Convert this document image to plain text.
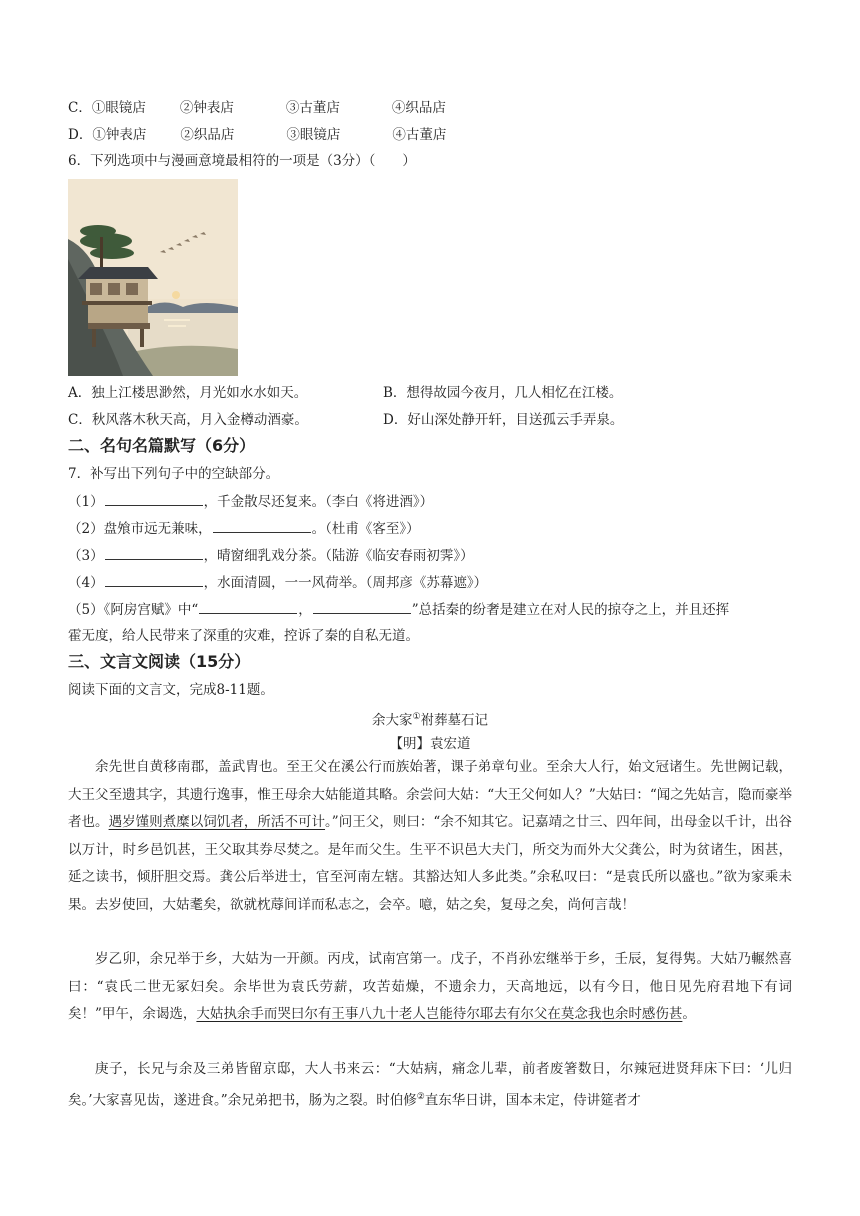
C．①眼镜店	②钟表店	③古董店	④织品店
D．①钟表店	②织品店	③眼镜店	④古董店
6．下列选项中与漫画意境最相符的一项是（3分）（　　）
A．独上江楼思渺然，月光如水水如天。	B．想得故园今夜月，几人相忆在江楼。
C．秋风落木秋天高，月入金樽动酒豪。	D．好山深处静开轩，目送孤云手弄泉。
二、名句名篇默写（6分）
7．补写出下列句子中的空缺部分。
（1）	，千金散尽还复来。（李白《将进酒》）
（2）盘飧市远无兼味，	。（杜甫《客至》）
（3）	，晴窗细乳戏分茶。（陆游《临安春雨初霁》）
（4）	，水面清圆，一一风荷举。（周邦彦《苏幕遮》）
（5）《阿房宫赋》中“	，	”总括秦的纷奢是建立在对人民的掠夺之上，并且还挥
霍无度，给人民带来了深重的灾难，控诉了秦的自私无道。
三、文言文阅读（15分）
阅读下面的文言文，完成8-11题。
余大家①祔葬墓石记
【明】袁宏道
余先世自黄移南郡，盖武胄也。至王父在溪公行而族始著，课子弟章句业。至余大人行，始文冠诸生。先世阙记载，大王父至遗其字，其遗行逸事，惟王母余大姑能道其略。余尝问大姑：“大王父何如人？”大姑曰：“闻之先姑言，隐而豪举者也。遇岁馑则煮糜以饲饥者，所活不可计。”问王父，则曰：“余不知其它。记嘉靖之廿三、四年间，出母金以千计，出谷以万计，时乡邑饥甚，王父取其券尽焚之。是年而父生。生平不识邑大夫门，所交为而外大父龚公，时为贫诸生，困甚，延之读书，倾肝胆交焉。龚公后举进士，官至河南左辖。其豁达知人多此类。”余私叹曰：“是袁氏所以盛也。”欲为家乘未果。去岁使回，大姑耄矣，欲就枕蓐间详而私志之，会卒。噫，姑之矣，复母之矣，尚何言哉！
岁乙卯，余兄举于乡，大姑为一开颜。丙戌，试南宫第一。戊子，不肖孙宏继举于乡，壬辰，复得隽。大姑乃輾然喜曰：“袁氏二世无冢妇矣。余毕世为袁氏劳薪，攻苦茹燥，不遗余力，天高地远，以有今日，他日见先府君地下有词矣！”甲午，余谒选，大姑执余手而哭曰尔有王事八九十老人岂能待尔耶去有尔父在莫念我也余时感伤甚。
庚子，长兄与余及三弟皆留京邸，大人书来云：“大姑病，痛念儿辈，前者废箸数日，尔辣冠进贤拜床下曰：‘儿归矣。’大家喜见齿，遂进食。”余兄弟把书，肠为之裂。时伯修②直东华日讲，国本未定，侍讲筵者才
